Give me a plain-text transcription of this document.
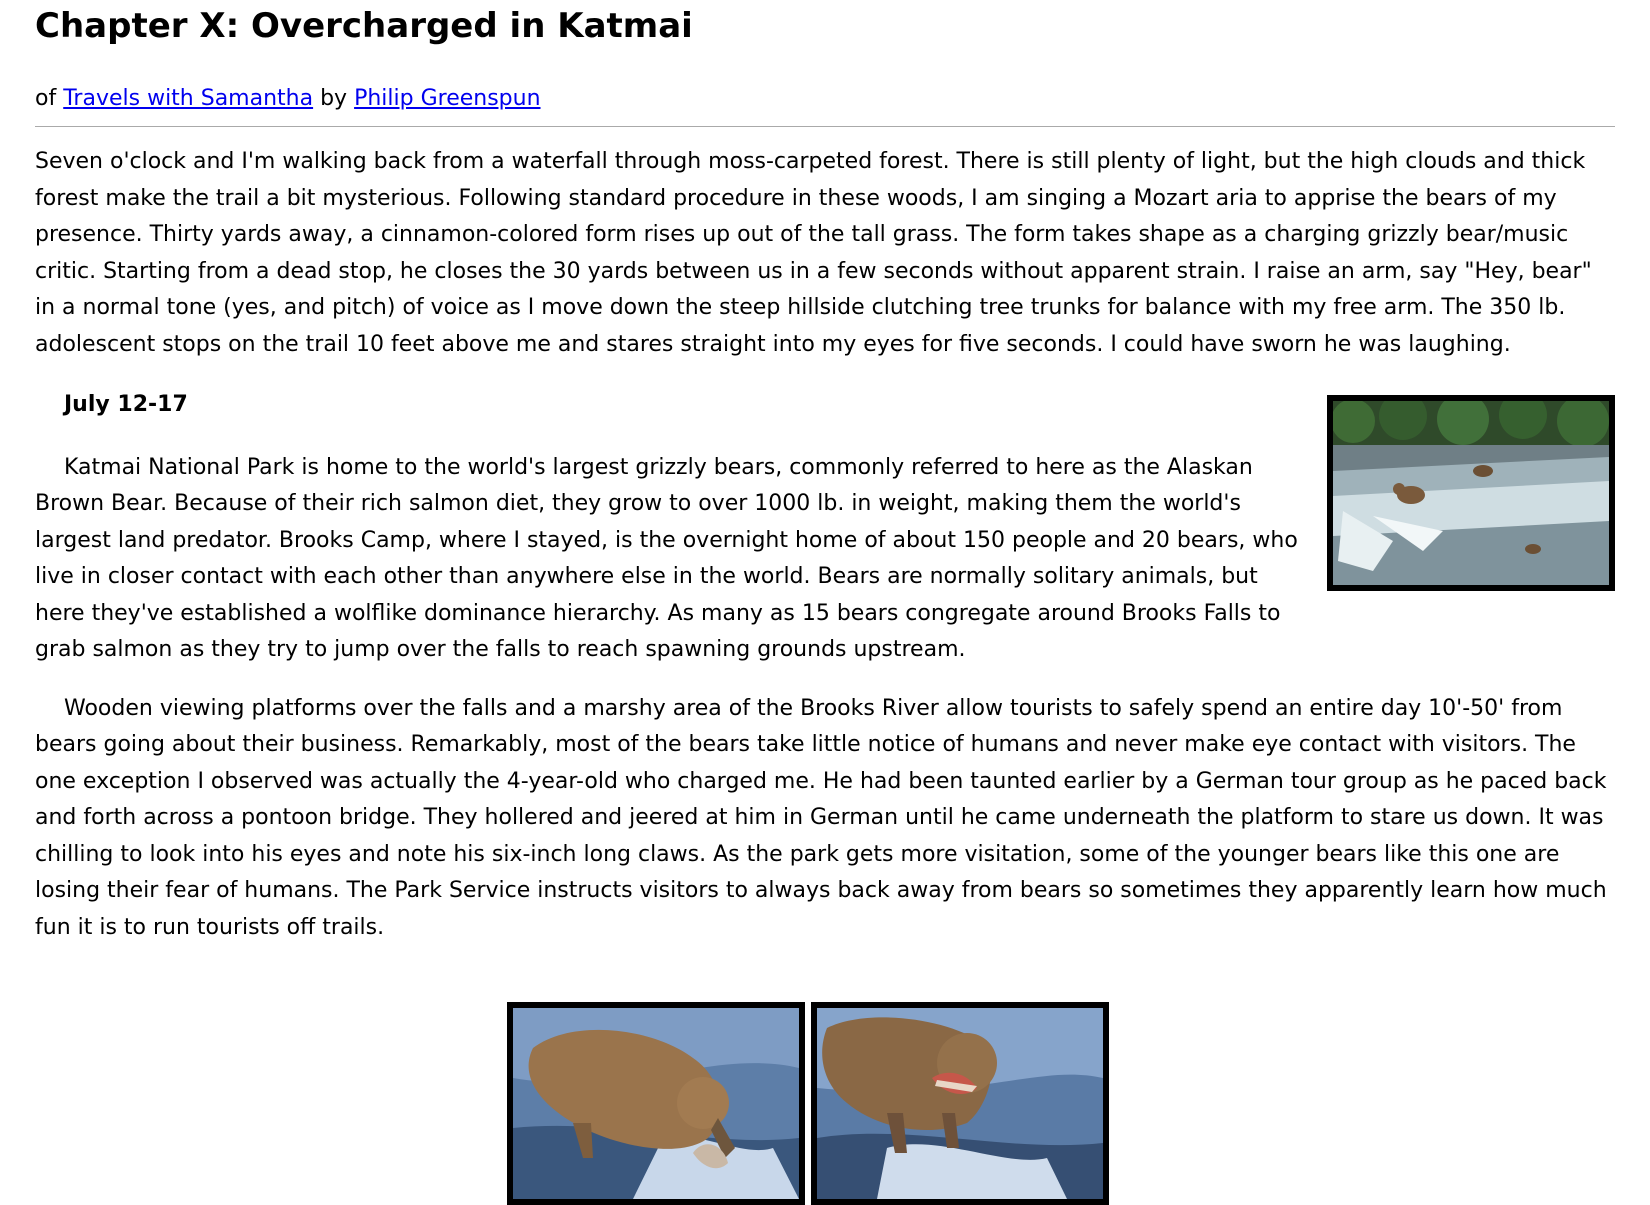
Chapter X: Overcharged in Katmai
of Travels with Samantha by Philip Greenspun

Seven o'clock and I'm walking back from a waterfall through moss-carpeted forest. There is still plenty of light, but the high clouds and thick forest make the trail a bit mysterious. Following standard procedure in these woods, I am singing a Mozart aria to apprise the bears of my presence. Thirty yards away, a cinnamon-colored form rises up out of the tall grass. The form takes shape as a charging grizzly bear/music critic. Starting from a dead stop, he closes the 30 yards between us in a few seconds without apparent strain. I raise an arm, say "Hey, bear" in a normal tone (yes, and pitch) of voice as I move down the steep hillside clutching tree trunks for balance with my free arm. The 350 lb. adolescent stops on the trail 10 feet above me and stares straight into my eyes for five seconds. I could have sworn he was laughing.

July 12-17

Katmai National Park is home to the world's largest grizzly bears, commonly referred to here as the Alaskan Brown Bear. Because of their rich salmon diet, they grow to over 1000 lb. in weight, making them the world's largest land predator. Brooks Camp, where I stayed, is the overnight home of about 150 people and 20 bears, who live in closer contact with each other than anywhere else in the world. Bears are normally solitary animals, but here they've established a wolflike dominance hierarchy. As many as 15 bears congregate around Brooks Falls to grab salmon as they try to jump over the falls to reach spawning grounds upstream.

Wooden viewing platforms over the falls and a marshy area of the Brooks River allow tourists to safely spend an entire day 10'-50' from bears going about their business. Remarkably, most of the bears take little notice of humans and never make eye contact with visitors. The one exception I observed was actually the 4-year-old who charged me. He had been taunted earlier by a German tour group as he paced back and forth across a pontoon bridge. They hollered and jeered at him in German until he came underneath the platform to stare us down. It was chilling to look into his eyes and note his six-inch long claws. As the park gets more visitation, some of the younger bears like this one are losing their fear of humans. The Park Service instructs visitors to always back away from bears so sometimes they apparently learn how much fun it is to run tourists off trails.
